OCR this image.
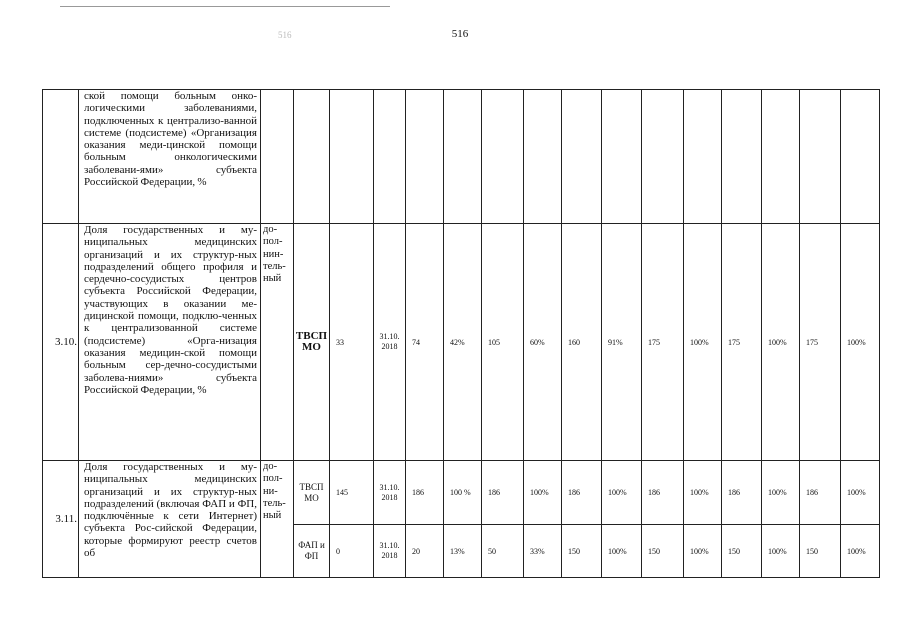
516	516
	ской помощи больным онко-логическими заболеваниями, подключенных к централизо-ванной системе (подсистеме) «Организация оказания меди-цинской помощи больным онкологическими заболевани-ями» субъекта Российской Федерации, %																
3.10.	Доля государственных и му-ниципальных медицинских организаций и их структур-ных подразделений общего профиля и сердечно-сосудистых центров субъекта Российской Федерации, участвующих в оказании ме-дицинской помощи, подклю-ченных к централизованной системе (подсистеме) «Орга-низация оказания медицин-ской помощи больным сер-дечно-сосудистыми заболева-ниями» субъекта Российской Федерации, %	до-пол-нин-тель-ный	ТВСП МО	33	31.10. 2018	74	42%	105	60%	160	91%	175	100%	175	100%	175	100%
3.11.	Доля государственных и му-ниципальных медицинских организаций и их структур-ных подразделений (включая ФАП и ФП, подключённые к сети Интернет) субъекта Рос-сийской Федерации, которые формируют реестр счетов об	до-пол-ни-тель-ный	ТВСП МО	145	31.10. 2018	186	100 %	186	100%	186	100%	186	100%	186	100%	186	100%
			ФАП и ФП	0	31.10. 2018	20	13%	50	33%	150	100%	150	100%	150	100%	150	100%
